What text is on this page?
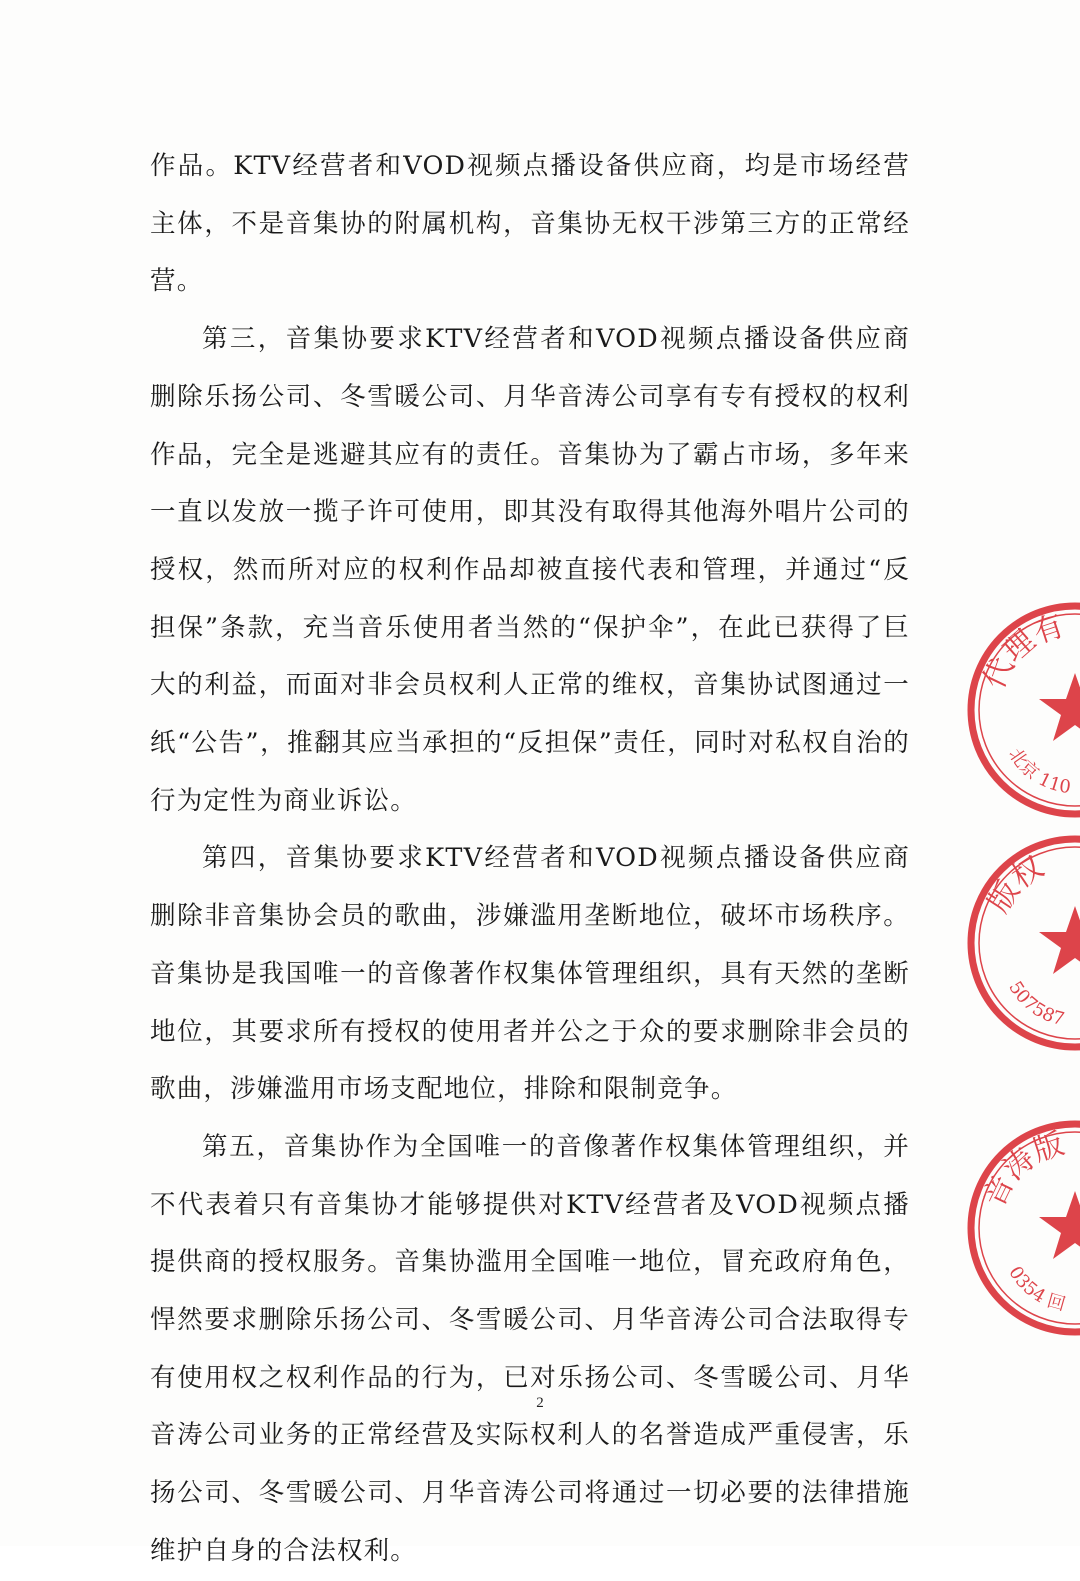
作品。KTV经营者和VOD视频点播设备供应商，均是市场经营主体，不是音集协的附属机构，音集协无权干涉第三方的正常经营。

第三，音集协要求KTV经营者和VOD视频点播设备供应商删除乐扬公司、冬雪暖公司、月华音涛公司享有专有授权的权利作品，完全是逃避其应有的责任。音集协为了霸占市场，多年来一直以发放一揽子许可使用，即其没有取得其他海外唱片公司的授权，然而所对应的权利作品却被直接代表和管理，并通过“反担保”条款，充当音乐使用者当然的“保护伞”，在此已获得了巨大的利益，而面对非会员权利人正常的维权，音集协试图通过一纸“公告”，推翻其应当承担的“反担保”责任，同时对私权自治的行为定性为商业诉讼。

第四，音集协要求KTV经营者和VOD视频点播设备供应商删除非音集协会员的歌曲，涉嫌滥用垄断地位，破坏市场秩序。音集协是我国唯一的音像著作权集体管理组织，具有天然的垄断地位，其要求所有授权的使用者并公之于众的要求删除非会员的歌曲，涉嫌滥用市场支配地位，排除和限制竞争。

第五，音集协作为全国唯一的音像著作权集体管理组织，并不代表着只有音集协才能够提供对KTV经营者及VOD视频点播提供商的授权服务。音集协滥用全国唯一地位，冒充政府角色，悍然要求删除乐扬公司、冬雪暖公司、月华音涛公司合法取得专有使用权之权利作品的行为，已对乐扬公司、冬雪暖公司、月华音涛公司业务的正常经营及实际权利人的名誉造成严重侵害，乐扬公司、冬雪暖公司、月华音涛公司将通过一切必要的法律措施维护自身的合法权利。

2
代理有
北京 110
版权
507587
音涛版
0354 回
